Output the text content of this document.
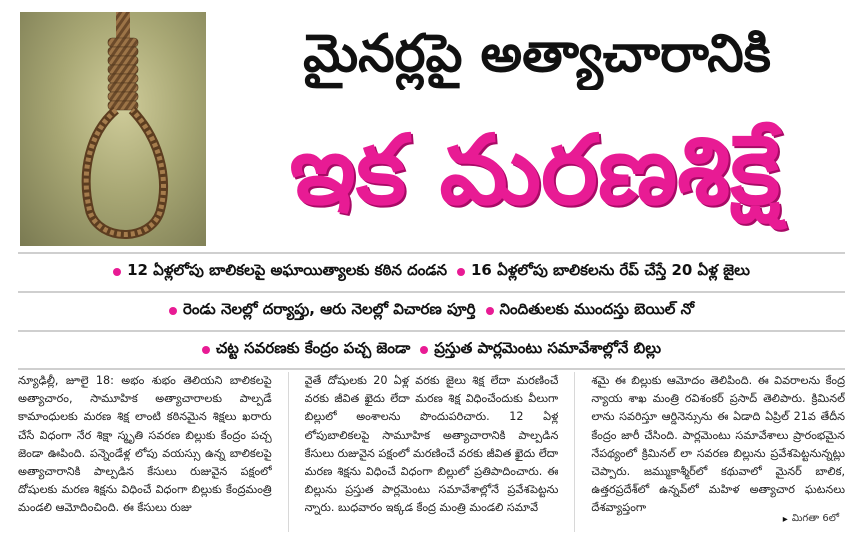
మైనర్లపై అత్యాచారానికి
ఇక మరణశిక్షే
12 ఏళ్లలోపు బాలికలపై అఘాయిత్యాలకు కఠిన దండన 16 ఏళ్లలోపు బాలికలను రేప్ చేస్తే 20 ఏళ్ల జైలు
రెండు నెలల్లో దర్యాప్తు, ఆరు నెలల్లో విచారణ పూర్తి నిందితులకు ముందస్తు బెయిల్ నో
చట్ట సవరణకు కేంద్రం పచ్చ జెండా ప్రస్తుత పార్లమెంటు సమావేశాల్లోనే బిల్లు
న్యూఢిల్లీ, జూలై 18: అభం శుభం తెలియని బాలికలపై అత్యాచారం, సామూహిక అత్యాచారాలకు పాల్పడే కామాంధులకు మరణ శిక్ష లాంటి కఠినమైన శిక్షలు ఖరారు చేసే విధంగా నేర శిక్షా స్మృతి సవరణ బిల్లుకు కేంద్రం పచ్చ జెండా ఊపింది. పన్నెండేళ్ల లోపు వయస్సు ఉన్న బాలికలపై అత్యాచారానికి పాల్పడిన కేసులు రుజువైన పక్షంలో దోషులకు మరణ శిక్షను విధించే విధంగా బిల్లుకు కేంద్రమంత్రి మండలి ఆమోదించింది. ఈ కేసులు రుజు
వైతే దోషులకు 20 ఏళ్ల వరకు జైలు శిక్ష లేదా మరణించే వరకు జీవిత ఖైదు లేదా మరణ శిక్ష విధించేందుకు వీలుగా బిల్లులో అంశాలను పొందుపరిచారు. 12 ఏళ్ల లోపుబాలికలపై సామూహిక అత్యాచారానికి పాల్పడిన కేసులు రుజువైన పక్షంలో మరణించే వరకు జీవిత ఖైదు లేదా మరణ శిక్షను విధించే విధంగా బిల్లులో ప్రతిపాదించారు. ఈ బిల్లును ప్రస్తుత పార్లమెంటు సమావేశాల్లోనే ప్రవేశపెట్టను న్నారు. బుధవారం ఇక్కడ కేంద్ర మంత్రి మండలి సమావే
శమై ఈ బిల్లుకు ఆమోదం తెలిపింది. ఈ వివరాలను కేంద్ర న్యాయ శాఖ మంత్రి రవిశంకర్ ప్రసాద్ తెలిపారు. క్రిమినల్ లాను సవరిస్తూ ఆర్డినెన్సును ఈ ఏడాది ఏప్రిల్ 21వ తేదీన కేంద్రం జారీ చేసింది. పార్లమెంటు సమావేశాలు ప్రారంభమైన నేపథ్యంలో క్రిమినల్ లా సవరణ బిల్లును ప్రవేశపెట్టనున్నట్లు చెప్పారు. జమ్ముకాశ్మీర్‌లో కథువాలో మైనర్ బాలిక, ఉత్తరప్రదేశ్‌లో ఉన్నవ్‌లో మహిళ అత్యాచార ఘటనలు దేశవ్యాప్తంగా
▸ మిగతా 6లో
